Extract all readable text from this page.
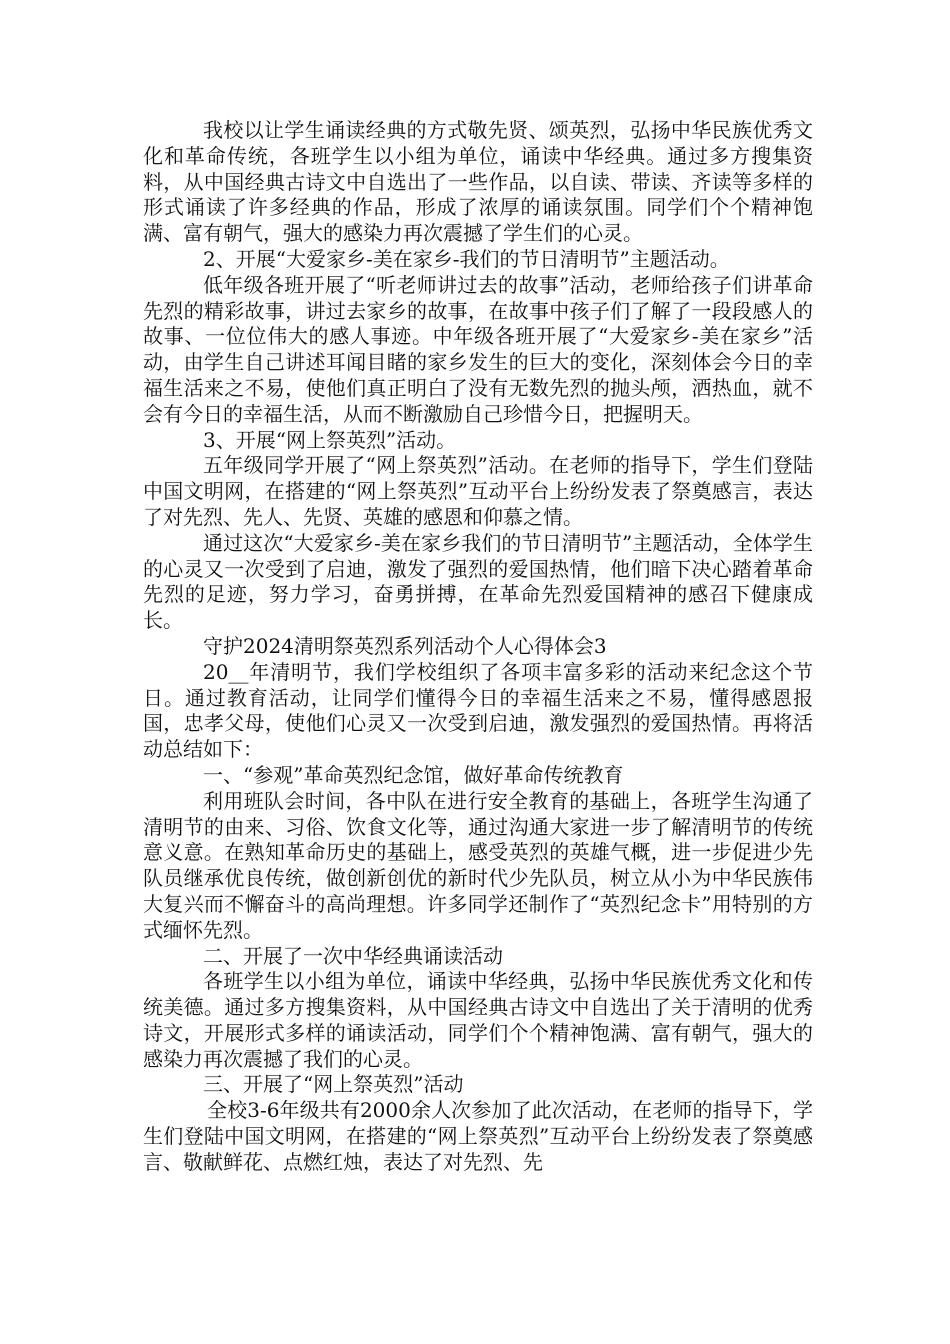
我校以让学生诵读经典的方式敬先贤、颂英烈，弘扬中华民族优秀文化和革命传统，各班学生以小组为单位，诵读中华经典。通过多方搜集资料，从中国经典古诗文中自选出了一些作品，以自读、带读、齐读等多样的形式诵读了许多经典的作品，形成了浓厚的诵读氛围。同学们个个精神饱满、富有朝气，强大的感染力再次震撼了学生们的心灵。

2、开展“大爱家乡-美在家乡-我们的节日清明节”主题活动。

低年级各班开展了“听老师讲过去的故事”活动，老师给孩子们讲革命先烈的精彩故事，讲过去家乡的故事，在故事中孩子们了解了一段段感人的故事、一位位伟大的感人事迹。中年级各班开展了“大爱家乡-美在家乡”活动，由学生自己讲述耳闻目睹的家乡发生的巨大的变化，深刻体会今日的幸福生活来之不易，使他们真正明白了没有无数先烈的抛头颅，洒热血，就不会有今日的幸福生活，从而不断激励自己珍惜今日，把握明天。

3、开展“网上祭英烈”活动。

五年级同学开展了“网上祭英烈”活动。在老师的指导下，学生们登陆中国文明网，在搭建的“网上祭英烈”互动平台上纷纷发表了祭奠感言，表达了对先烈、先人、先贤、英雄的感恩和仰慕之情。

通过这次“大爱家乡-美在家乡我们的节日清明节”主题活动，全体学生的心灵又一次受到了启迪，激发了强烈的爱国热情，他们暗下决心踏着革命先烈的足迹，努力学习，奋勇拼搏，在革命先烈爱国精神的感召下健康成长。

守护2024清明祭英烈系列活动个人心得体会3

20__年清明节，我们学校组织了各项丰富多彩的活动来纪念这个节日。通过教育活动，让同学们懂得今日的幸福生活来之不易，懂得感恩报国，忠孝父母，使他们心灵又一次受到启迪，激发强烈的爱国热情。再将活动总结如下：

一、“参观”革命英烈纪念馆，做好革命传统教育

利用班队会时间，各中队在进行安全教育的基础上，各班学生沟通了清明节的由来、习俗、饮食文化等，通过沟通大家进一步了解清明节的传统意义意。在熟知革命历史的基础上，感受英烈的英雄气概，进一步促进少先队员继承优良传统，做创新创优的新时代少先队员，树立从小为中华民族伟大复兴而不懈奋斗的高尚理想。许多同学还制作了“英烈纪念卡”用特别的方式缅怀先烈。

二、开展了一次中华经典诵读活动

各班学生以小组为单位，诵读中华经典，弘扬中华民族优秀文化和传统美德。通过多方搜集资料，从中国经典古诗文中自选出了关于清明的优秀诗文，开展形式多样的诵读活动，同学们个个精神饱满、富有朝气，强大的感染力再次震撼了我们的心灵。

三、开展了“网上祭英烈”活动

全校3-6年级共有2000余人次参加了此次活动，在老师的指导下，学生们登陆中国文明网，在搭建的“网上祭英烈”互动平台上纷纷发表了祭奠感言、敬献鲜花、点燃红烛，表达了对先烈、先
